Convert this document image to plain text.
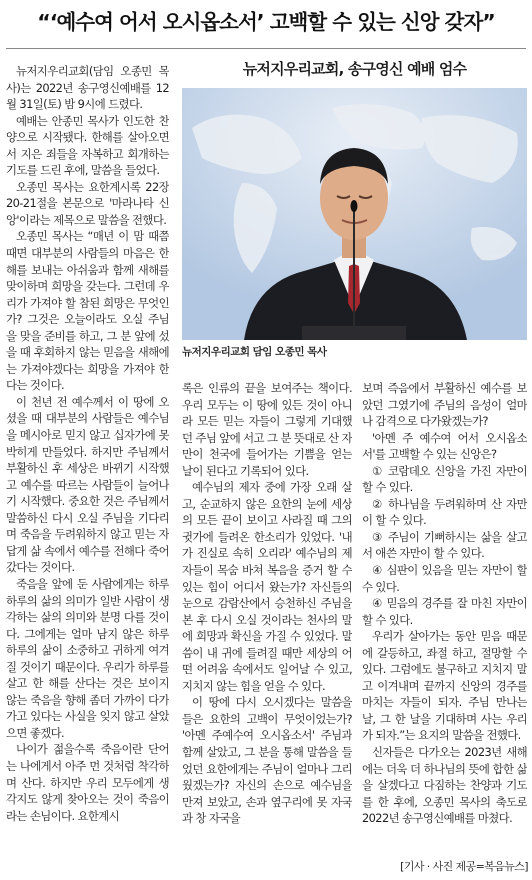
“‘예수여 어서 오시옵소서’ 고백할 수 있는 신앙 갖자”

뉴저지우리교회(담임 오종민 목사)는 2022년 송구영신예배를 12월 31일(토) 밤 9시에 드렸다.

예배는 안종민 목사가 인도한 찬양으로 시작됐다. 한해를 살아오면서 지은 죄들을 자복하고 회개하는 기도를 드린 후에, 말씀을 들었다.

오종민 목사는 요한계시록 22장 20-21절을 본문으로 '마라나타 신앙'이라는 제목으로 말씀을 전했다.

오종민 목사는 “매년 이 맘 때쯤 때면 대부분의 사람들의 마음은 한 해를 보내는 아쉬움과 함께 새해를 맞이하며 희망을 갖는다. 그런데 우리가 가져야 할 참된 희망은 무엇인가? 그것은 오늘이라도 오실 주님을 맞을 준비를 하고, 그 분 앞에 섰을 때 후회하지 않는 믿음을 새해에는 가져야겠다는 희망을 가져야 한다는 것이다.

이 천년 전 예수께서 이 땅에 오셨을 때 대부분의 사람들은 예수님을 메시아로 믿지 않고 십자가에 못 박히게 만들었다. 하지만 주님께서 부활하신 후 세상은 바뀌기 시작했고 예수를 따르는 사람들이 늘어나기 시작했다. 중요한 것은 주님께서 말씀하신 다시 오실 주님을 기다리며 죽음을 두려워하지 않고 믿는 자답게 삶 속에서 예수를 전해다 죽어갔다는 것이다.

죽음을 앞에 둔 사람에게는 하루하루의 삶의 의미가 일반 사람이 생각하는 삶의 의미와 분명 다를 것이다. 그에게는 얼마 남지 않은 하루하루의 삶이 소중하고 귀하게 여겨질 것이기 때문이다. 우리가 하루를 살고 한 해를 산다는 것은 보이지 않는 죽음을 향해 좀더 가까이 다가가고 있다는 사실을 잊지 않고 살았으면 좋겠다.

나이가 젊을수록 죽음이란 단어는 나에게서 아주 먼 것처럼 착각하며 산다. 하지만 우리 모두에게 생각지도 않게 찾아오는 것이 죽음이라는 손님이다. 요한계시

뉴저지우리교회, 송구영신 예배 엄수
뉴저지우리교회 담임 오종민 목사

록은 인류의 끝을 보여주는 책이다. 우리 모두는 이 땅에 있든 것이 아니라 모든 믿는 자들이 그렇게 기대했던 주님 앞에 서고 그 분 뜻대로 산 자만이 천국에 들어가는 기쁨을 얻는 날이 된다고 기록되어 있다.

예수님의 제자 중에 가장 오래 살고, 순교하지 않은 요한의 눈에 세상의 모든 끝이 보이고 사라질 때 그의 귓가에 들려온 한소리가 있었다. '내가 진실로 속히 오리라' 예수님의 제자들이 목숨 바쳐 복음을 증거 할 수 있는 힘이 어디서 왔는가? 자신들의 눈으로 감람산에서 승천하신 주님을 본 후 다시 오실 것이라는 천사의 말에 희망과 확신을 가질 수 있었다. 말씀이 내 귀에 들려질 때만 세상의 어떤 어려움 속에서도 일어날 수 있고, 지치지 않는 힘을 얻을 수 있다.

이 땅에 다시 오시겠다는 말씀을 들은 요한의 고백이 무엇이었는가? '아멘 주예수여 오시옵소서' 주님과 함께 살았고, 그 분을 통해 말씀을 들었던 요한에게는 주님이 얼마나 그리웠겠는가? 자신의 손으로 예수님을 만져 보았고, 손과 옆구리에 못 자국과 창 자국을

보며 즉음에서 부활하신 예수를 보았던 그였기에 주님의 음성이 얼마나 감격으로 다가왔겠는가?

'아멘 주 예수여 어서 오시옵소서'를 고백할 수 있는 신앙은?

① 코람데오 신앙을 가진 자만이 할 수 있다.

② 하나님을 두려워하며 산 자만이 할 수 있다.

③ 주님이 기뻐하시는 삶을 살고서 애쓴 자만이 할 수 있다.

④ 심판이 있음을 믿는 자만이 할 수 있다.

④ 믿음의 경주를 잘 마친 자만이 할 수 있다.

우리가 살아가는 동안 믿음 때문에 갈등하고, 좌절 하고, 절망할 수 있다. 그럼에도 불구하고 지치지 말고 이겨내며 끝까지 신앙의 경주를 마치는 자들이 되자. 주님 만나는 날, 그 한 날을 기대하며 사는 우리가 되자.”는 요지의 말씀을 전했다.

신자들은 다가오는 2023년 새해에는 더욱 더 하나님의 뜻에 합한 삶을 살겠다고 다짐하는 찬양과 기도를 한 후에, 오종민 목사의 축도로 2022년 송구영신예배를 마쳤다.

[기사 · 사진 제공=복음뉴스]
